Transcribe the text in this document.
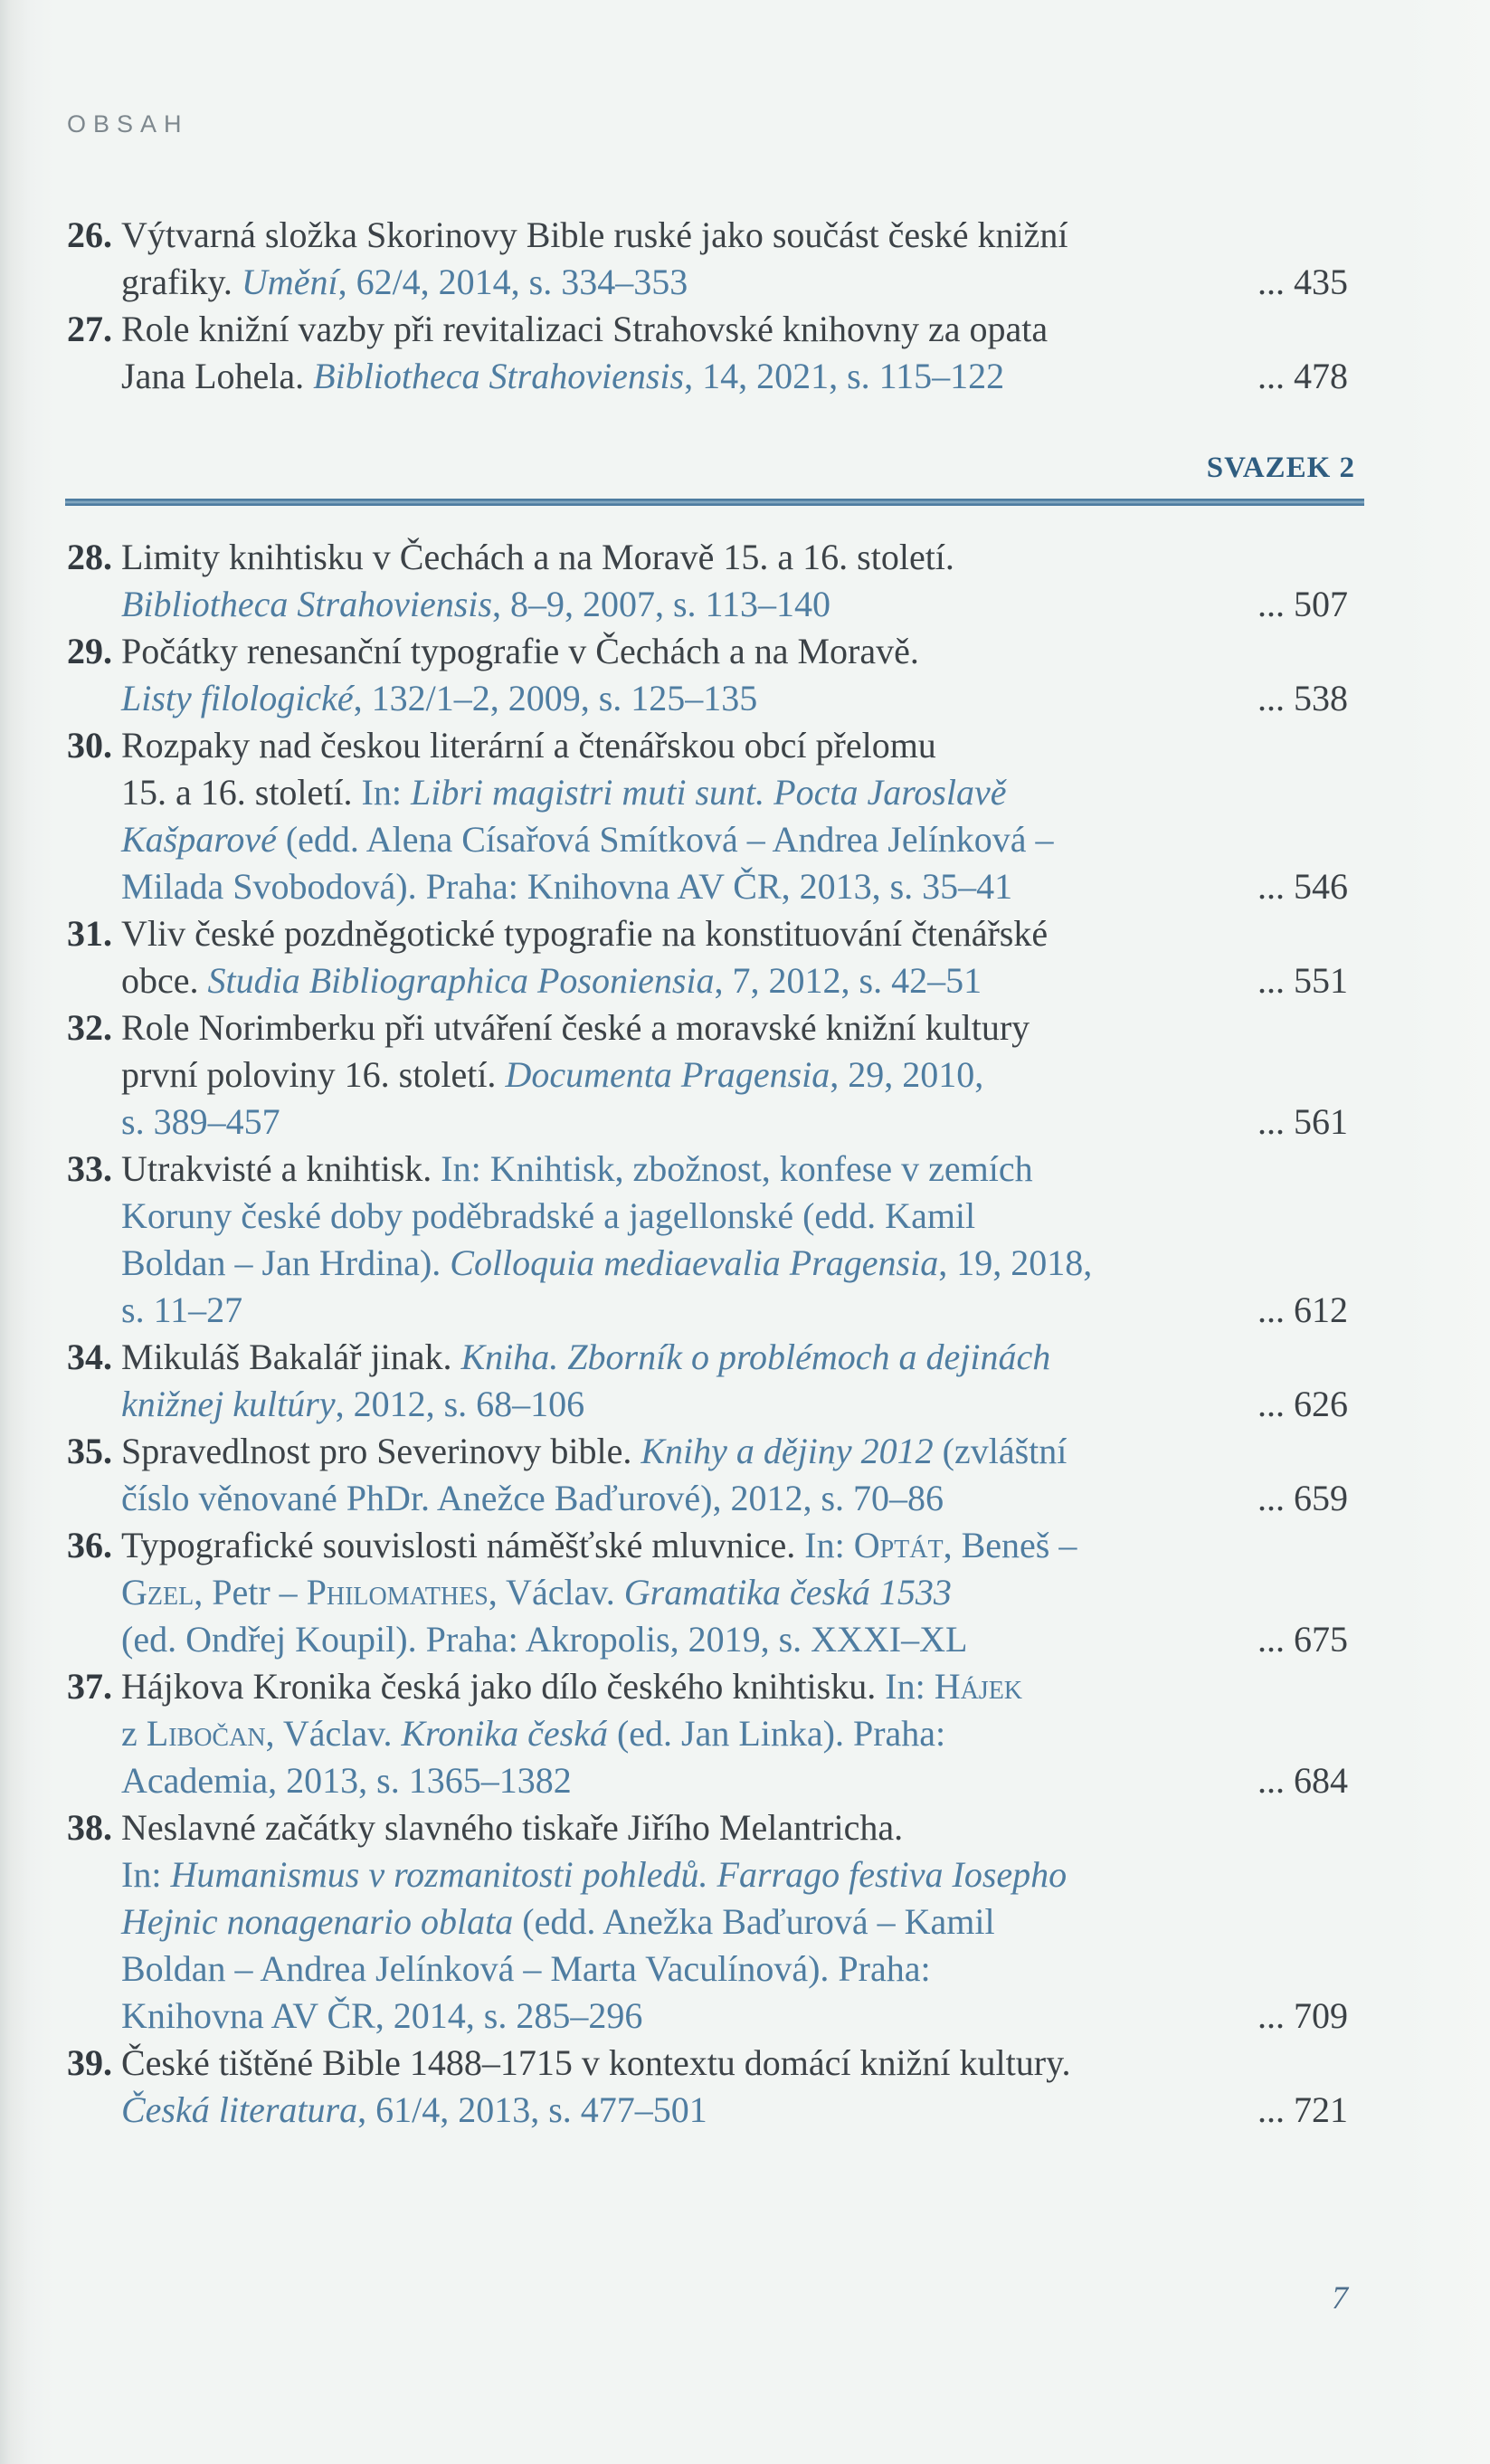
OBSAH
26. Výtvarná složka Skorinovy Bible ruské jako součást české knižní
grafiky. Umění , 62/4, 2014, s. 334–353	... 435
27. Role knižní vazby při revitalizaci Strahovské knihovny za opata
Jana Lohela. Bibliotheca Strahoviensis , 14, 2021, s. 115–122	... 478
SVAZEK 2
28. Limity knihtisku v Čechách a na Moravě 15. a 16. století.
Bibliotheca Strahoviensis , 8–9, 2007, s. 113–140	... 507
29. Počátky renesanční typografie v Čechách a na Moravě.
Listy filologické , 132/1–2, 2009, s. 125–135	... 538
30. Rozpaky nad českou literární a čtenářskou obcí přelomu
15. a 16. století. In: Libri magistri muti sunt. Pocta Jaroslavě
Kašparové (edd. Alena Císařová Smítková – Andrea Jelínková –
Milada Svobodová). Praha: Knihovna AV ČR, 2013, s. 35–41	... 546
31. Vliv české pozdněgotické typografie na konstituování čtenářské
obce. Studia Bibliographica Posoniensia , 7, 2012, s. 42–51	... 551
32. Role Norimberku při utváření české a moravské knižní kultury
první poloviny 16. století. Documenta Pragensia , 29, 2010,
s. 389–457	... 561
33. Utrakvisté a knihtisk. In: Knihtisk, zbožnost, konfese v zemích
Koruny české doby poděbradské a jagellonské (edd. Kamil
Boldan – Jan Hrdina). Colloquia mediaevalia Pragensia , 19, 2018,
s. 11–27	... 612
34. Mikuláš Bakalář jinak. Kniha. Zborník o problémoch a dejinách
knižnej kultúry , 2012, s. 68–106	... 626
35. Spravedlnost pro Severinovy bible. Knihy a dějiny 2012 (zvláštní
číslo věnované PhDr. Anežce Baďurové), 2012, s. 70–86	... 659
36. Typografické souvislosti náměšťské mluvnice. In: Optát , Beneš –
Gzel , Petr – Philomathes , Václav. Gramatika česká 1533
(ed. Ondřej Koupil). Praha: Akropolis, 2019, s. XXXI–XL	... 675
37. Hájkova Kronika česká jako dílo českého knihtisku. In: Hájek
z Libočan , Václav. Kronika česká (ed. Jan Linka). Praha:
Academia, 2013, s. 1365–1382	... 684
38. Neslavné začátky slavného tiskaře Jiřího Melantricha.
In: Humanismus v rozmanitosti pohledů. Farrago festiva Iosepho
Hejnic nonagenario oblata (edd. Anežka Baďurová – Kamil
Boldan – Andrea Jelínková – Marta Vaculínová). Praha:
Knihovna AV ČR, 2014, s. 285–296	... 709
39. České tištěné Bible 1488–1715 v kontextu domácí knižní kultury.
Česká literatura , 61/4, 2013, s. 477–501	... 721
7
